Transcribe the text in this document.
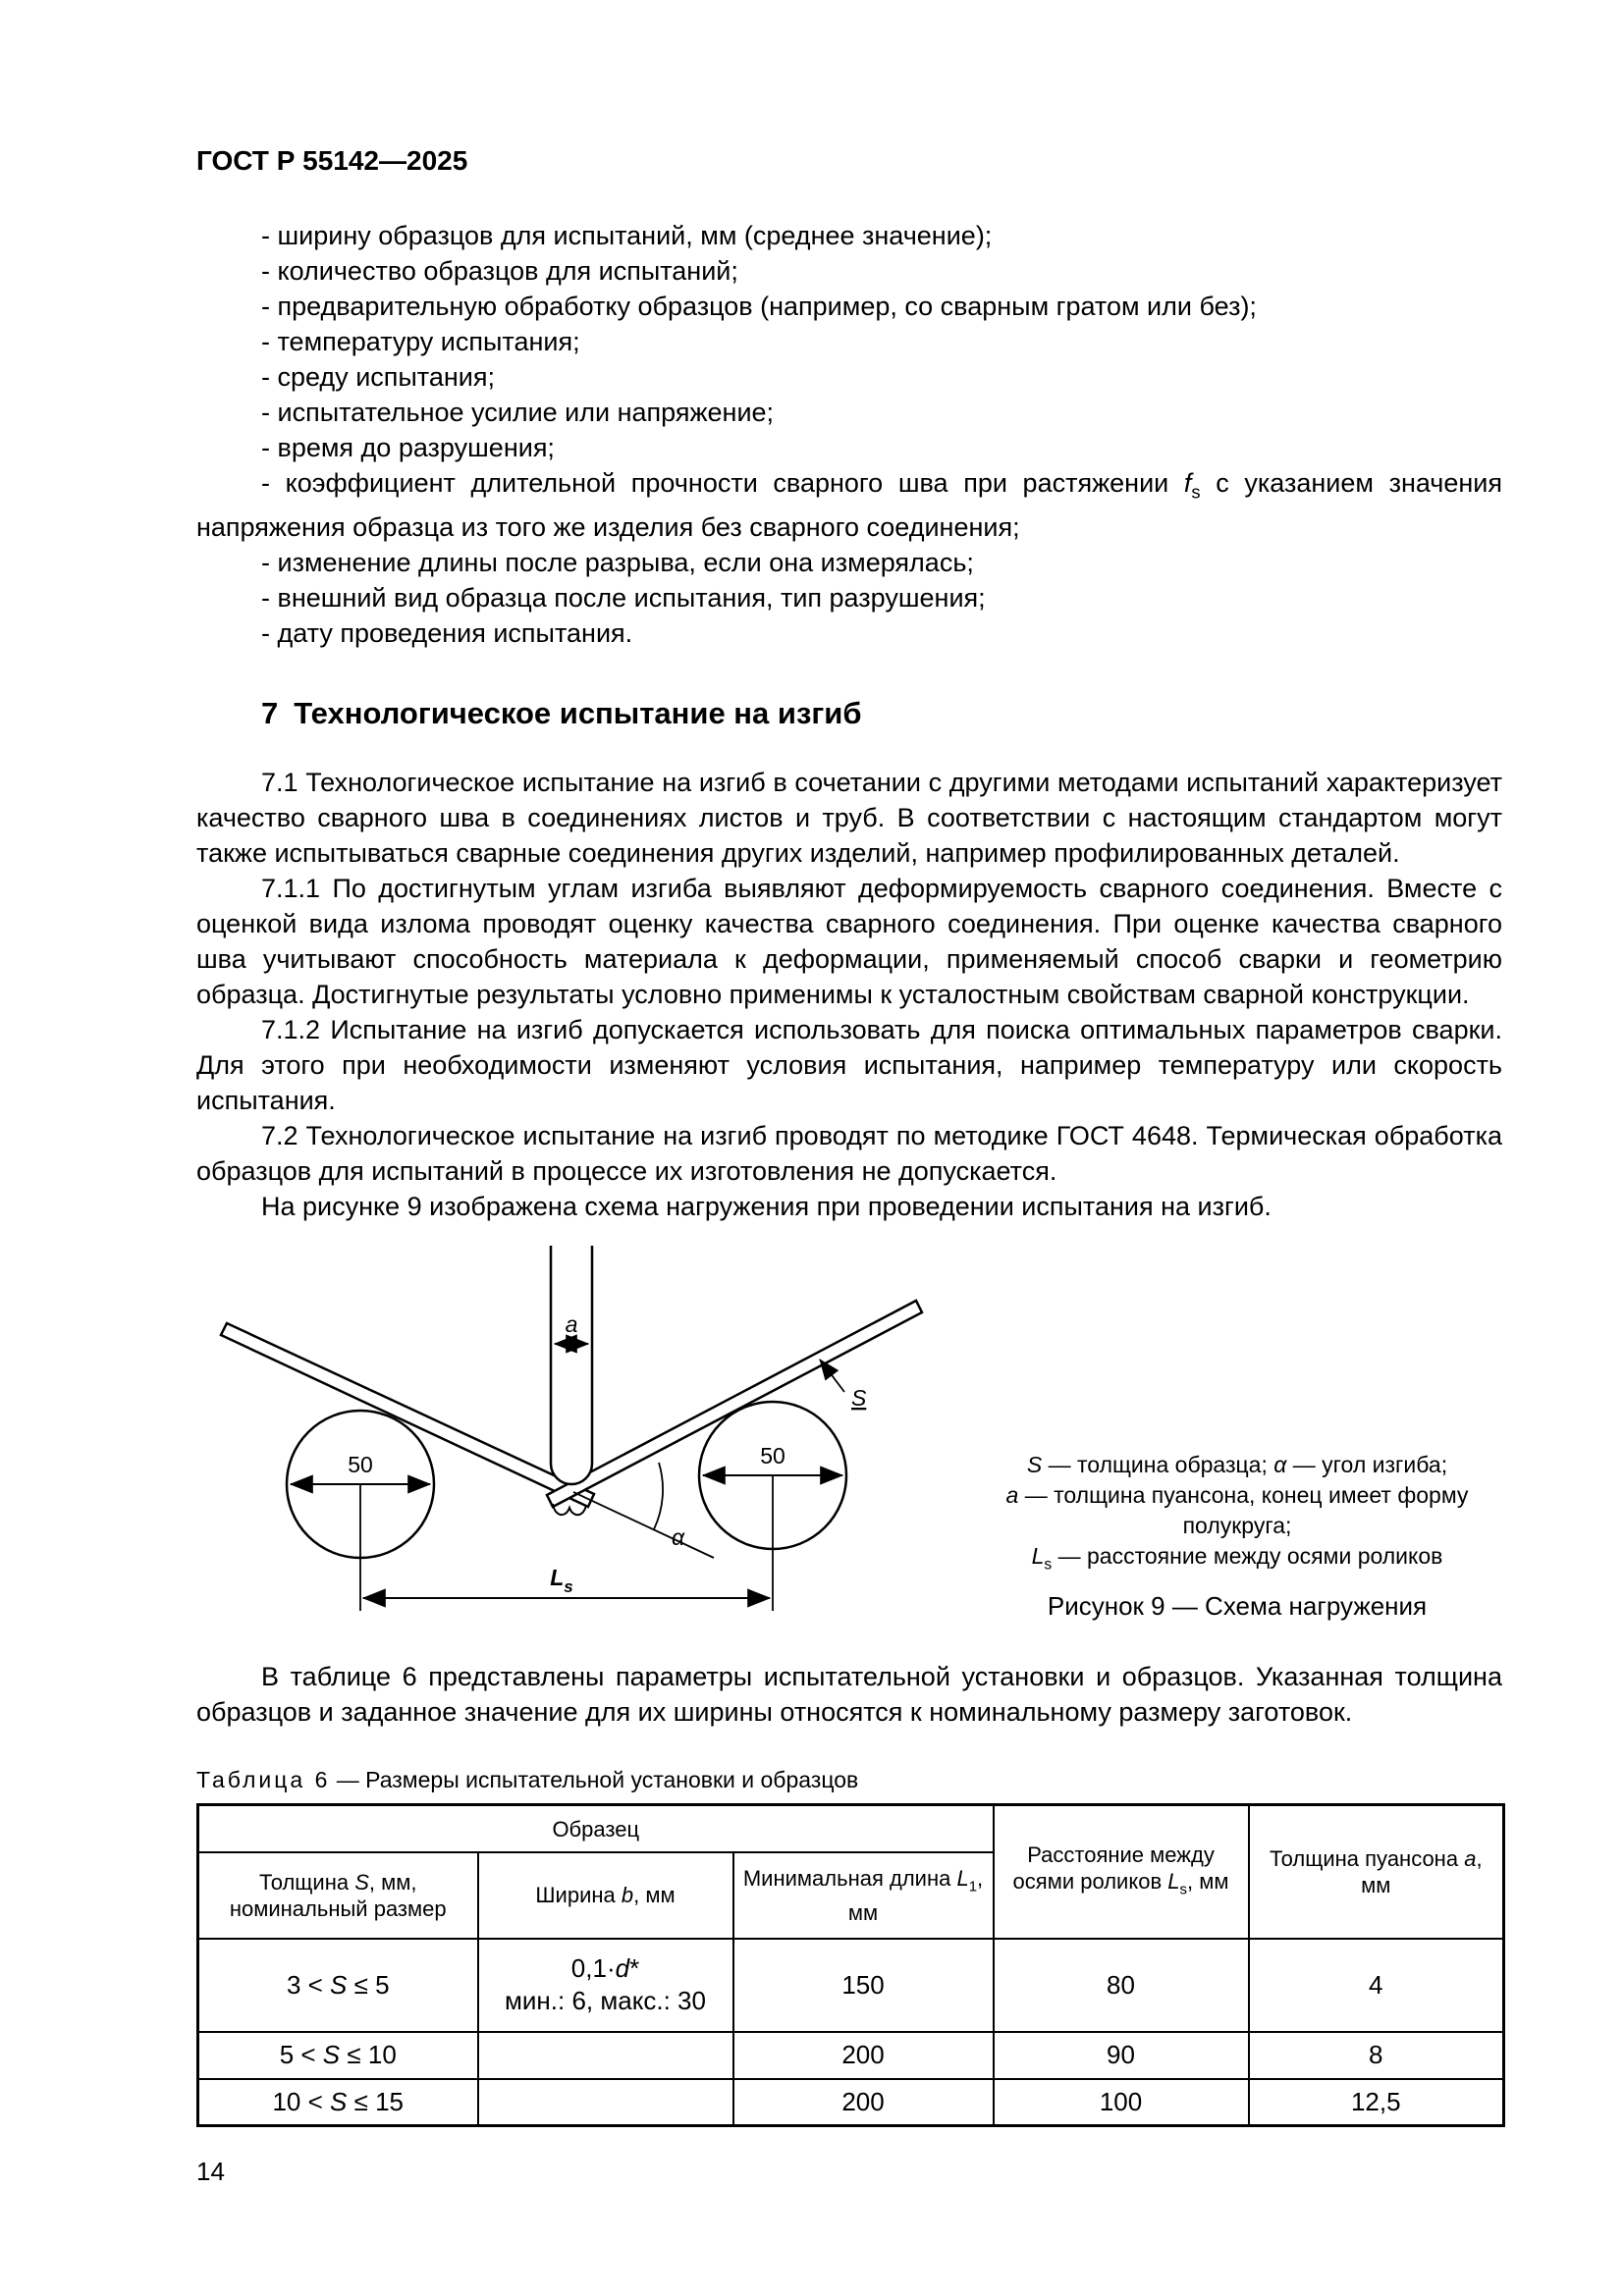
ГОСТ Р 55142—2025

- ширину образцов для испытаний, мм (среднее значение);

- количество образцов для испытаний;

- предварительную обработку образцов (например, со сварным гратом или без);

- температуру испытания;

- среду испытания;

- испытательное усилие или напряжение;

- время до разрушения;

- коэффициент длительной прочности сварного шва при растяжении $f_s$ с указанием значения напряжения образца из того же изделия без сварного соединения;

- изменение длины после разрыва, если она измерялась;

- внешний вид образца после испытания, тип разрушения;

- дату проведения испытания.

7 Технологическое испытание на изгиб

7.1 Технологическое испытание на изгиб в сочетании с другими методами испытаний характеризует качество сварного шва в соединениях листов и труб. В соответствии с настоящим стандартом могут также испытываться сварные соединения других изделий, например профилированных деталей.

7.1.1 По достигнутым углам изгиба выявляют деформируемость сварного соединения. Вместе с оценкой вида излома проводят оценку качества сварного соединения. При оценке качества сварного шва учитывают способность материала к деформации, применяемый способ сварки и геометрию образца. Достигнутые результаты условно применимы к усталостным свойствам сварной конструкции.

7.1.2 Испытание на изгиб допускается использовать для поиска оптимальных параметров сварки. Для этого при необходимости изменяют условия испытания, например температуру или скорость испытания.

7.2 Технологическое испытание на изгиб проводят по методике ГОСТ 4648. Термическая обработка образцов для испытаний в процессе их изготовления не допускается.

На рисунке 9 изображена схема нагружения при проведении испытания на изгиб.

a
α
S
50	50
$L_s$
S — толщина образца; α — угол изгиба;
a — толщина пуансона, конец имеет форму полукруга;
$L_s$ — расстояние между осями роликов
Рисунок 9 — Схема нагружения

В таблице 6 представлены параметры испытательной установки и образцов. Указанная толщина образцов и заданное значение для их ширины относятся к номинальному размеру заготовок.

Таблица 6 — Размеры испытательной установки и образцов
Образец			Расстояние между осями роликов $L_s$, мм	Толщина пуансона a, мм
Толщина S, мм, номинальный размер	Ширина b, мм	Минимальная длина $L_1$, мм		
3 < S ≤ 5	0,1·d*
мин.: 6, макс.: 30	150	80	4
5 < S ≤ 10		200	90	8
10 < S ≤ 15		200	100	12,5
14
